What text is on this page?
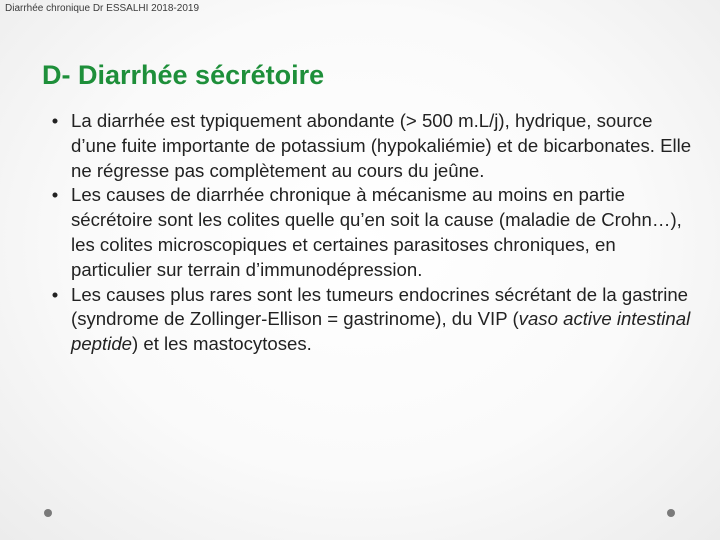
Diarrhée chronique Dr ESSALHI 2018-2019
D- Diarrhée sécrétoire
• La diarrhée est typiquement abondante (> 500 m.L/j), hydrique, source d’une fuite importante de potassium (hypokaliémie) et de bicarbonates. Elle ne régresse pas complètement au cours du jeûne.
• Les causes de diarrhée chronique à mécanisme au moins en partie sécrétoire sont les colites quelle qu’en soit la cause (maladie de Crohn…), les colites microscopiques et certaines parasitoses chroniques, en particulier sur terrain d’immunodépression.
• Les causes plus rares sont les tumeurs endocrines sécrétant de la gastrine (syndrome de Zollinger-Ellison = gastrinome), du VIP (vaso active intestinal peptide) et les mastocytoses.
